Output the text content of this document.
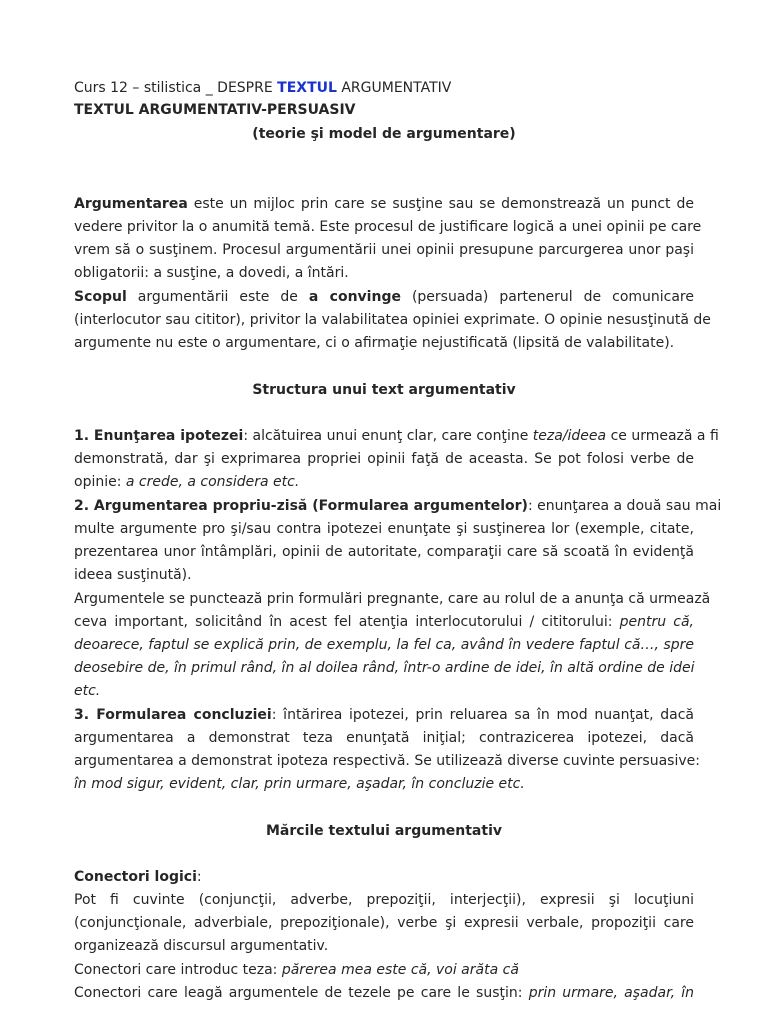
Curs 12 – stilistica _ DESPRE TEXTUL ARGUMENTATIV
TEXTUL ARGUMENTATIV-PERSUASIV
(teorie şi model de argumentare)
Argumentarea este un mijloc prin care se susţine sau se demonstrează un punct de
vedere privitor la o anumită temă. Este procesul de justificare logică a unei opinii pe care
vrem să o susţinem. Procesul argumentării unei opinii presupune parcurgerea unor paşi
obligatorii: a susţine, a dovedi, a întări.
Scopul argumentării este de a convinge (persuada) partenerul de comunicare
(interlocutor sau cititor), privitor la valabilitatea opiniei exprimate. O opinie nesusţinută de
argumente nu este o argumentare, ci o afirmaţie nejustificată (lipsită de valabilitate).
Structura unui text argumentativ
1. Enunţarea ipotezei: alcătuirea unui enunţ clar, care conţine teza/ideea ce urmează a fi
demonstrată, dar şi exprimarea propriei opinii faţă de aceasta. Se pot folosi verbe de
opinie: a crede, a considera etc.
2. Argumentarea propriu-zisă (Formularea argumentelor): enunţarea a două sau mai
multe argumente pro şi/sau contra ipotezei enunţate şi susţinerea lor (exemple, citate,
prezentarea unor întâmplări, opinii de autoritate, comparaţii care să scoată în evidenţă
ideea susţinută).
Argumentele se punctează prin formulări pregnante, care au rolul de a anunţa că urmează
ceva important, solicitând în acest fel atenţia interlocutorului / cititorului: pentru că,
deoarece, faptul se explică prin, de exemplu, la fel ca, având în vedere faptul că…, spre
deosebire de, în primul rând, în al doilea rând, într-o ardine de idei, în altă ordine de idei
etc.
3. Formularea concluziei: întărirea ipotezei, prin reluarea sa în mod nuanţat, dacă
argumentarea a demonstrat teza enunţată iniţial; contrazicerea ipotezei, dacă
argumentarea a demonstrat ipoteza respectivă. Se utilizează diverse cuvinte persuasive:
în mod sigur, evident, clar, prin urmare, aşadar, în concluzie etc.
Mărcile textului argumentativ
Conectori logici:
Pot fi cuvinte (conjuncţii, adverbe, prepoziţii, interjecţii), expresii şi locuţiuni
(conjuncţionale, adverbiale, prepoziţionale), verbe şi expresii verbale, propoziţii care
organizează discursul argumentativ.
Conectori care introduc teza: părerea mea este că, voi arăta că
Conectori care leagă argumentele de tezele pe care le susţin: prin urmare, aşadar, în
